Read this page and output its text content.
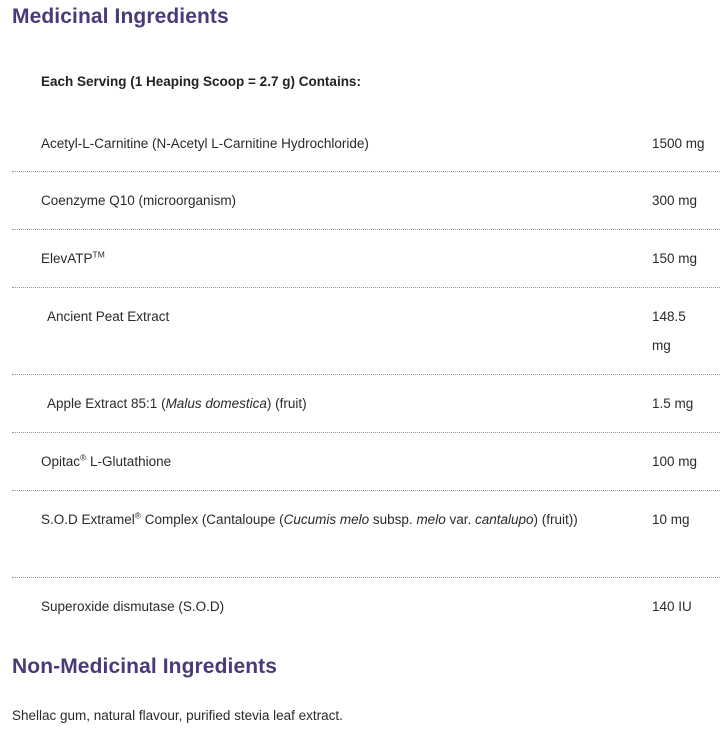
Medicinal Ingredients
Each Serving (1 Heaping Scoop = 2.7 g) Contains:
Acetyl-L-Carnitine (N-Acetyl L-Carnitine Hydrochloride)	1500 mg
Coenzyme Q10 (microorganism)	300 mg
ElevATP™	150 mg
Ancient Peat Extract	148.5 mg
Apple Extract 85:1 (Malus domestica) (fruit)	1.5 mg
Opitac® L-Glutathione	100 mg
S.O.D Extramel® Complex (Cantaloupe (Cucumis melo subsp. melo var. cantalupo) (fruit))	10 mg
Superoxide dismutase (S.O.D)	140 IU
Non-Medicinal Ingredients

Shellac gum, natural flavour, purified stevia leaf extract.
